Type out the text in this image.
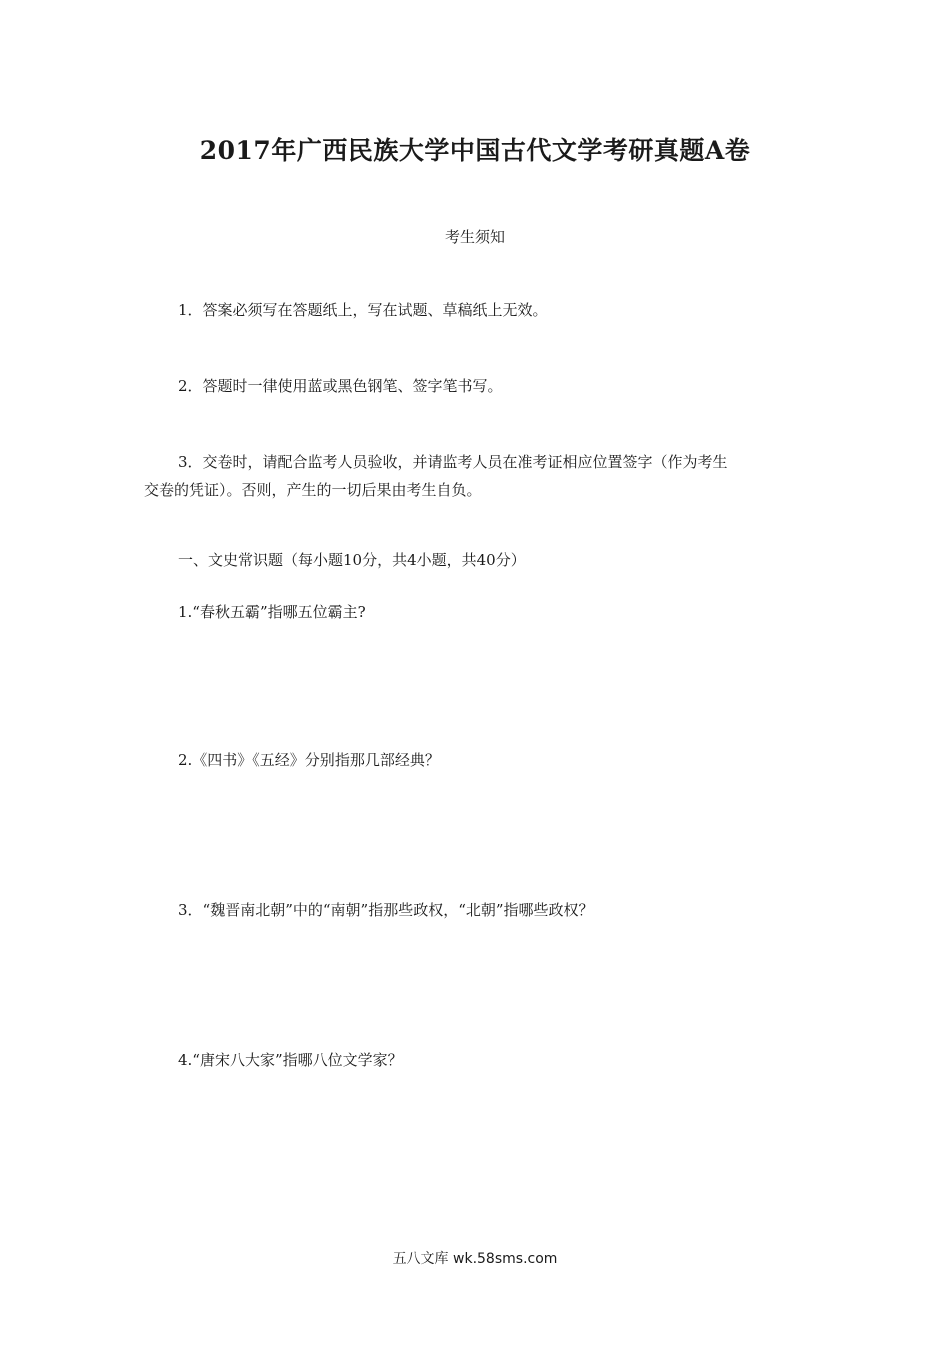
2017年广西民族大学中国古代文学考研真题A卷
考生须知
1．答案必须写在答题纸上，写在试题、草稿纸上无效。
2．答题时一律使用蓝或黑色钢笔、签字笔书写。
3．交卷时，请配合监考人员验收，并请监考人员在准考证相应位置签字（作为考生
交卷的凭证）。否则，产生的一切后果由考生自负。
一、文史常识题（每小题10分，共4小题，共40分）
1.“春秋五霸”指哪五位霸主?
2.《四书》《五经》分别指那几部经典？
3．“魏晋南北朝”中的“南朝”指那些政权，“北朝”指哪些政权？
4.“唐宋八大家”指哪八位文学家？
五八文库 wk.58sms.com
